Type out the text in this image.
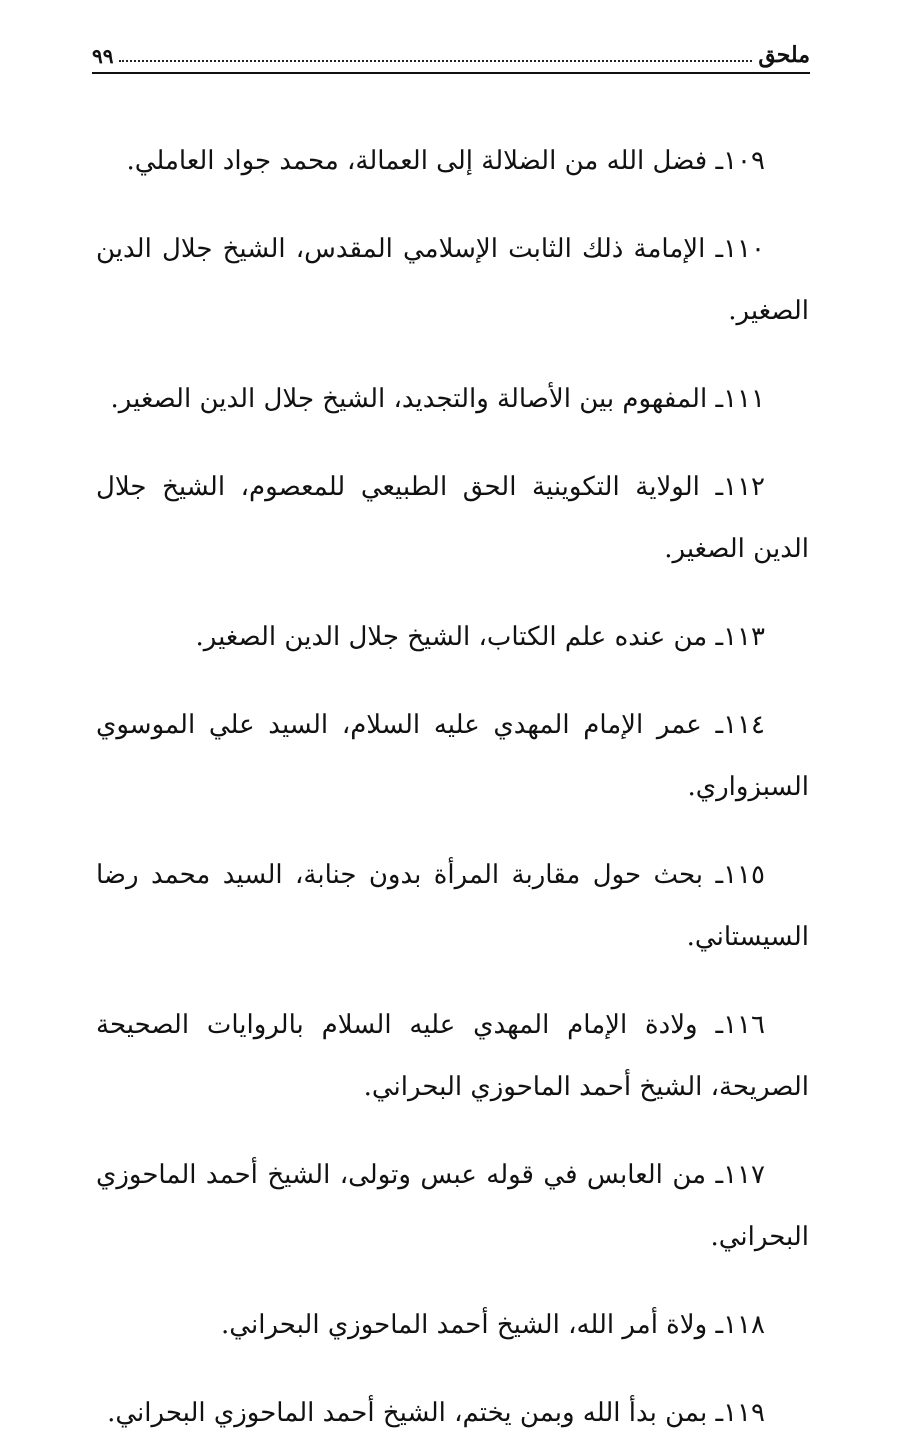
ملحق
٩٩

١٠٩ـ فضل الله من الضلالة إلى العمالة، محمد جواد العاملي.

١١٠ـ الإمامة ذلك الثابت الإسلامي المقدس، الشيخ جلال الدين الصغير.

١١١ـ المفهوم بين الأصالة والتجديد، الشيخ جلال الدين الصغير.

١١٢ـ الولاية التكوينية الحق الطبيعي للمعصوم، الشيخ جلال الدين الصغير.

١١٣ـ من عنده علم الكتاب، الشيخ جلال الدين الصغير.

١١٤ـ عمر الإمام المهدي عليه السلام، السيد علي الموسوي السبزواري.

١١٥ـ بحث حول مقاربة المرأة بدون جنابة، السيد محمد رضا السيستاني.

١١٦ـ ولادة الإمام المهدي عليه السلام بالروايات الصحيحة الصريحة، الشيخ أحمد الماحوزي البحراني.

١١٧ـ من العابس في قوله عبس وتولى، الشيخ أحمد الماحوزي البحراني.

١١٨ـ ولاة أمر الله، الشيخ أحمد الماحوزي البحراني.

١١٩ـ بمن بدأ الله وبمن يختم، الشيخ أحمد الماحوزي البحراني.
